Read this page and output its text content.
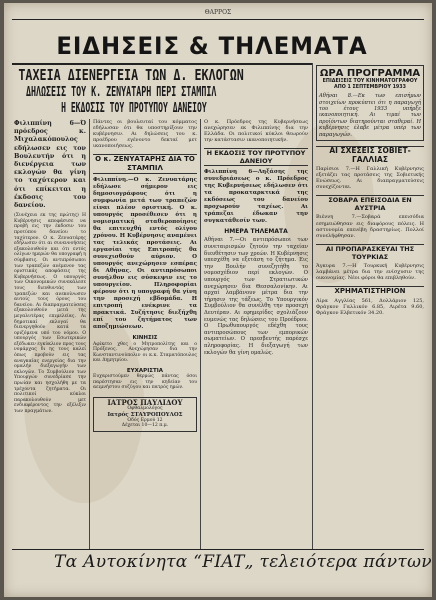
ΘΑΡΡΟΣ
ΕΙΔΗΣΕΙΣ & ΤΗΛΕΜΑΤΑ
ΤΑΧΕΙΑ ΔΙΕΝΕΡΓΕΙΑ ΤΩΝ Δ. ΕΚΛΟΓΩΝ
ΔΗΛΩΣΕΙΣ ΤΟΥ Κ. ΖΕΝΥΑΤΑΡΗ ΠΕΡΙ ΣΤΑΜΠΙΛ
Η ΕΚΔΟΣΙΣ ΤΟΥ ΠΡΟΤΥΠΟΥ ΔΑΝΕΙΟΥ

Φιλιππίνη 6—Ό πρόεδρος κ. Μιχαλακόπουλος εδήλωσεν εις τον Βουλευτήν ότι η διενέργεια των εκλογών θα γίνη το ταχύτερον και ότι επίκειται η έκδοσις του δανείου.

(Συνέχεια εκ της πρώτης) Η Κυβέρνησις αποφάσισε να προβή εις την έκδοσιν του προτύπου δανείου το ταχύτερον. Ο κ. Ζενυατάρης εδήλωσεν ότι αι συνεννοήσεις εξακολουθούν και ότι εντός ολίγων ημερών θα υπογραφή η σύμβασις. Οι αντιπρόσωποι των τραπεζών ανέμενον τας οριστικάς αποφάσεις της Κυβερνήσεως. Ο υπουργός των Οικονομικών συνεκάλεσε τους διευθυντάς των τραπεζών και ανεκοίνωσεν αυτοίς τους όρους του δανείου. Αι διαπραγματεύσεις εξακολουθούν μετά της μεγαλυτέρας επιμελείας. Αι δημοτικαί εκλογαί θα διενεργηθούν κατά τα οριζόμενα υπό του νόμου. Ο υπουργός των Εσωτερικών εξέδωκεν εγκύκλιον προς τους νομάρχας δι ης τους καλεί όπως προβούν εις τας αναγκαίας ενεργείας δια την ομαλήν διεξαγωγήν των εκλογών. Το Συμβούλιον των Υπουργών συνεδρίασε την πρωίαν και ησχολήθη με τα τρέχοντα ζητήματα. Οι πολιτικοί κύκλοι παρακολουθούν μετ ενδιαφέροντος την εξέλιξιν των πραγμάτων.

Πάντες οι βουλευταί του κόμματος εδήλωσαν ότι θα υποστηρίξουν την κυβέρνησιν. Αι δηλώσεις του κ. προέδρου εγένοντο δεκταί μετ ικανοποιήσεως.

Ο κ. ΖΕΝΥΑΤΑΡΗΣ ΔΙΑ ΤΟ ΣΤΑΜΠΙΛ

Φιλιππίνη.—Ο κ. Ζενυατάρης εδήλωσε σήμερον εις δημοσιογράφους ότι η συμφωνία μετά των τραπεζών είναι πλέον οριστική. Ο κ. υπουργός προσέθεσεν ότι η νομισματική σταθεροποίησις θα επιτευχθή εντός ολίγου χρόνου. Η Κυβέρνησις αναμένει τας τελικάς προτάσεις. Αι εργασίαι της Επιτροπής θα συνεχισθούν αύριον. Ο υπουργός ανεχώρησεν εσπέρας δι Αθήνας. Οι αντιπρόσωποι συνήλθον εις σύσκεψιν εις το υπουργείον. Πληροφορίαι φέρουν ότι η υπογραφή θα γίνη την προσεχή εβδομάδα. Η επιτροπή ενέκρινε τα πρακτικά. Συζήτησις διεξήχθη επί του ζητήματος των αποζημιώσεων.

ΚΙΝΗΣΙΣ

Αφίκετο χθες ο Μητροπολίτης και ο Πρόξενος. Ανεχώρησαν δια την Κωνσταντινούπολιν οι κ.κ. Σταματόπουλος και Δημητρίου.

ΕΥΧΑΡΙΣΤΙΑ

Ευχαριστούμεν θερμώς πάντας όσοι παρέστησαν εις την κηδείαν του αειμνήστου συζύγου και πατρός ημών.

ΙΑΤΡΟΣ ΠΑΥΛΙΔΟΥ
Οφθαλμολόγος
Ιατρός ΣΤΑΥΡΟΠΟΥΛΟΣ
Οδός Ερμού 12
Δέχεται 10—12 π.μ.

Ο κ. Πρόεδρος της Κυβερνήσεως ανεχώρησεν εκ Φιλιππίνης δια την Ελλάδα. Οι πολιτικοί κύκλοι θεωρούν την κατάστασιν ικανοποιητικήν.

Η ΕΚΔΟΣΙΣ ΤΟΥ ΠΡΟΤΥΠΟΥ ΔΑΝΕΙΟΥ

Φιλιππίνη 6—Ληξάσης της συνεδριάσεως ο κ. Πρόεδρος της Κυβερνήσεως εδήλωσεν ότι τα προκαταρκτικά της εκδόσεως του δανείου προχωρούν ταχέως. Αι τράπεζαι έδωκαν την συγκατάθεσίν των.

ΗΜΕΡΑ ΤΗΛΕΜΑΤΑ

Αθήναι 7.—Οι αντιπρόσωποι των συνεταιρισμών ζητούν την ταχείαν διευθέτησιν των χρεών. Η Κυβέρνησις υπεσχέθη να εξετάση το ζήτημα. Εις την Βουλήν συνεζητήθη το νομοσχέδιον περί εκλογών. Ο υπουργός των Στρατιωτικών ανεχώρησεν δια Θεσσαλονίκην. Αι αρχαί λαμβάνουν μέτρα δια την τήρησιν της τάξεως. Το Υπουργικόν Συμβούλιον θα συνέλθη την προσεχή Δευτέραν. Αι εφημερίδες σχολιάζουν ευμενώς τας δηλώσεις του Προέδρου. Ο Πρωθυπουργός εδέχθη τους αντιπροσώπους των εμπορικών σωματείων. Ο πρεσβευτής παρέσχε πληροφορίας. Η διεξαγωγή των εκλογών θα γίνη ομαλώς.

ΩΡΑ ΠΡΟΓΡΑΜΜΑ
ΕΠΙΔΕΙΞΕΙΣ ΤΟΥ ΚΙΝΗΜΑΤΟΓΡΑΦΟΥ
ΑΠΟ 1 ΣΕΠΤΕΜΒΡΙΟΥ 1933

Αθήναι 8.—Εκ των επισήμων στοιχείων προκύπτει ότι η παραγωγή του έτους 1933 υπήρξε ικανοποιητική. Αι τιμαί των προϊόντων διατηρούνται σταθεραί. Η κυβέρνησις έλαβε μέτρα υπέρ των παραγωγών.

ΑΙ ΣΧΕΣΕΙΣ ΣΟΒΙΕΤ-ΓΑΛΛΙΑΣ

Παρίσιοι 7.—Η Γαλλική Κυβέρνησις εξετάζει τας προτάσεις της Σοβιετικής Ενώσεως. Αι διαπραγματεύσεις συνεχίζονται.

ΣΟΒΑΡΑ ΕΠΕΙΣΟΔΙΑ ΕΝ ΑΥΣΤΡΙΑ

Βιέννη 7.—Σοβαρά επεισόδια εσημειώθησαν εις διαφόρους πόλεις. Η αστυνομία επενέβη δραστηρίως. Πολλοί συνελήφθησαν.

ΑΙ ΠΡΟΠΑΡΑΣΚΕΥΑΙ ΤΗΣ ΤΟΥΡΚΙΑΣ

Άγκυρα 7.—Η Τουρκική Κυβέρνησις λαμβάνει μέτρα δια την ενίσχυσιν της οικονομίας. Νέοι φόροι θα επιβληθούν.

ΧΡΗΜΑΤΙΣΤΗΡΙΟΝ

Λίρα Αγγλίας 561, Δολλάριον 125, Φράγκον Γαλλικόν 6.85, Λιρέτα 9.60, Φράγκον Ελβετικόν 34.20.

Τα Αυτοκίνητα “FIAT„ τελειότερα πάντων
